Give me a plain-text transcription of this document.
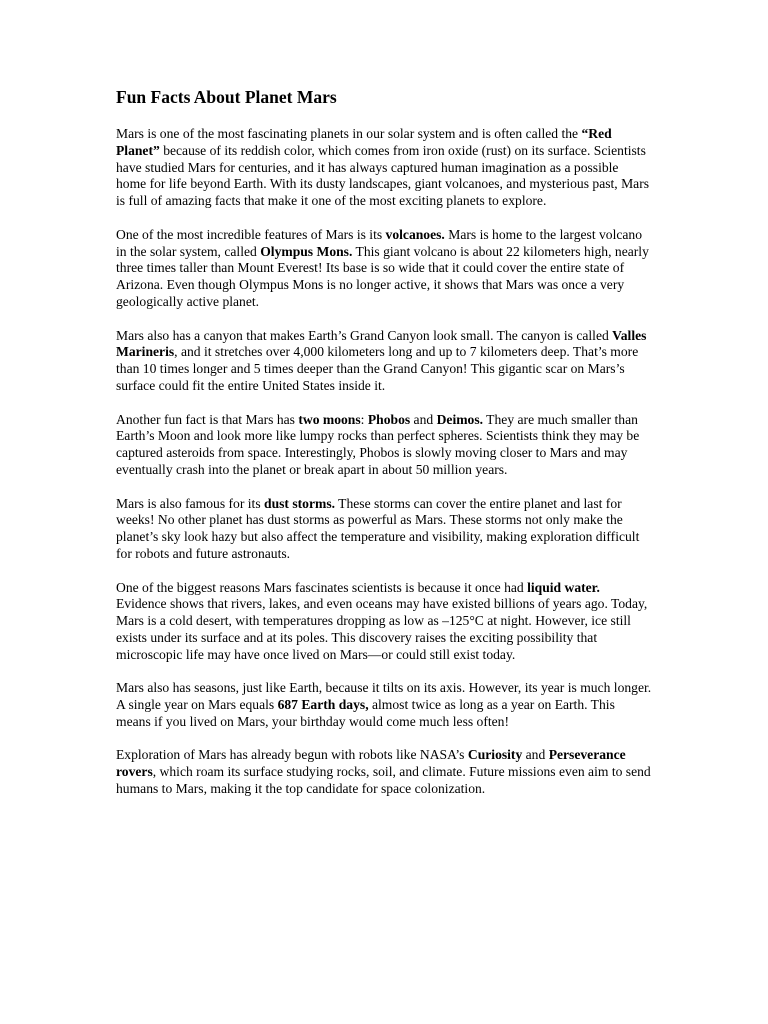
Fun Facts About Planet Mars

Mars is one of the most fascinating planets in our solar system and is often called the “Red Planet” because of its reddish color, which comes from iron oxide (rust) on its surface. Scientists have studied Mars for centuries, and it has always captured human imagination as a possible home for life beyond Earth. With its dusty landscapes, giant volcanoes, and mysterious past, Mars is full of amazing facts that make it one of the most exciting planets to explore.

One of the most incredible features of Mars is its volcanoes. Mars is home to the largest volcano in the solar system, called Olympus Mons. This giant volcano is about 22 kilometers high, nearly three times taller than Mount Everest! Its base is so wide that it could cover the entire state of Arizona. Even though Olympus Mons is no longer active, it shows that Mars was once a very geologically active planet.

Mars also has a canyon that makes Earth’s Grand Canyon look small. The canyon is called Valles Marineris, and it stretches over 4,000 kilometers long and up to 7 kilometers deep. That’s more than 10 times longer and 5 times deeper than the Grand Canyon! This gigantic scar on Mars’s surface could fit the entire United States inside it.

Another fun fact is that Mars has two moons: Phobos and Deimos. They are much smaller than Earth’s Moon and look more like lumpy rocks than perfect spheres. Scientists think they may be captured asteroids from space. Interestingly, Phobos is slowly moving closer to Mars and may eventually crash into the planet or break apart in about 50 million years.

Mars is also famous for its dust storms. These storms can cover the entire planet and last for weeks! No other planet has dust storms as powerful as Mars. These storms not only make the planet’s sky look hazy but also affect the temperature and visibility, making exploration difficult for robots and future astronauts.

One of the biggest reasons Mars fascinates scientists is because it once had liquid water. Evidence shows that rivers, lakes, and even oceans may have existed billions of years ago. Today, Mars is a cold desert, with temperatures dropping as low as –125°C at night. However, ice still exists under its surface and at its poles. This discovery raises the exciting possibility that microscopic life may have once lived on Mars—or could still exist today.

Mars also has seasons, just like Earth, because it tilts on its axis. However, its year is much longer. A single year on Mars equals 687 Earth days, almost twice as long as a year on Earth. This means if you lived on Mars, your birthday would come much less often!

Exploration of Mars has already begun with robots like NASA’s Curiosity and Perseverance rovers, which roam its surface studying rocks, soil, and climate. Future missions even aim to send humans to Mars, making it the top candidate for space colonization.
